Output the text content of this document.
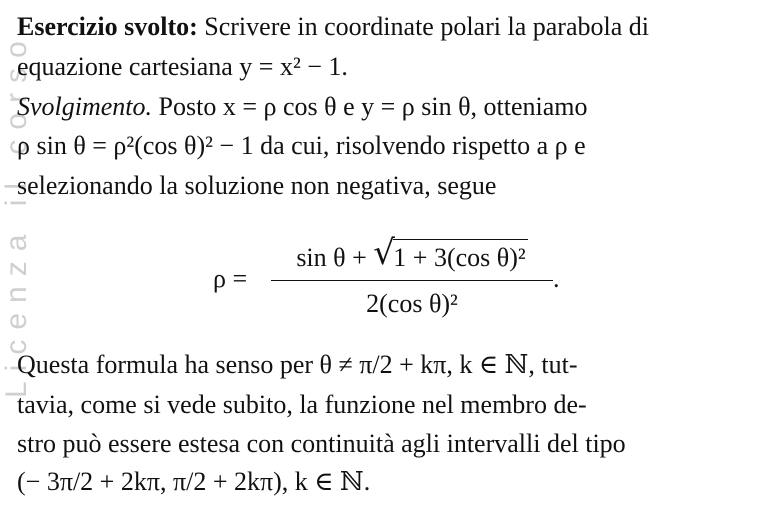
Licenza il corso
Esercizio svolto: Scrivere in coordinate polari la parabola di
equazione cartesiana y = x² − 1.
Svolgimento. Posto x = ρ cos θ e y = ρ sin θ, otteniamo
ρ sin θ = ρ²(cos θ)² − 1 da cui, risolvendo rispetto a ρ e
selezionando la soluzione non negativa, segue
ρ =
sin θ + √
1 + 3(cos θ)²
2(cos θ)²
.
Questa formula ha senso per θ ≠ π/2 + kπ, k ∈ ℕ, tut-
tavia, come si vede subito, la funzione nel membro de-
stro può essere estesa con continuità agli intervalli del tipo
(− 3π/2 + 2kπ, π/2 + 2kπ), k ∈ ℕ.
